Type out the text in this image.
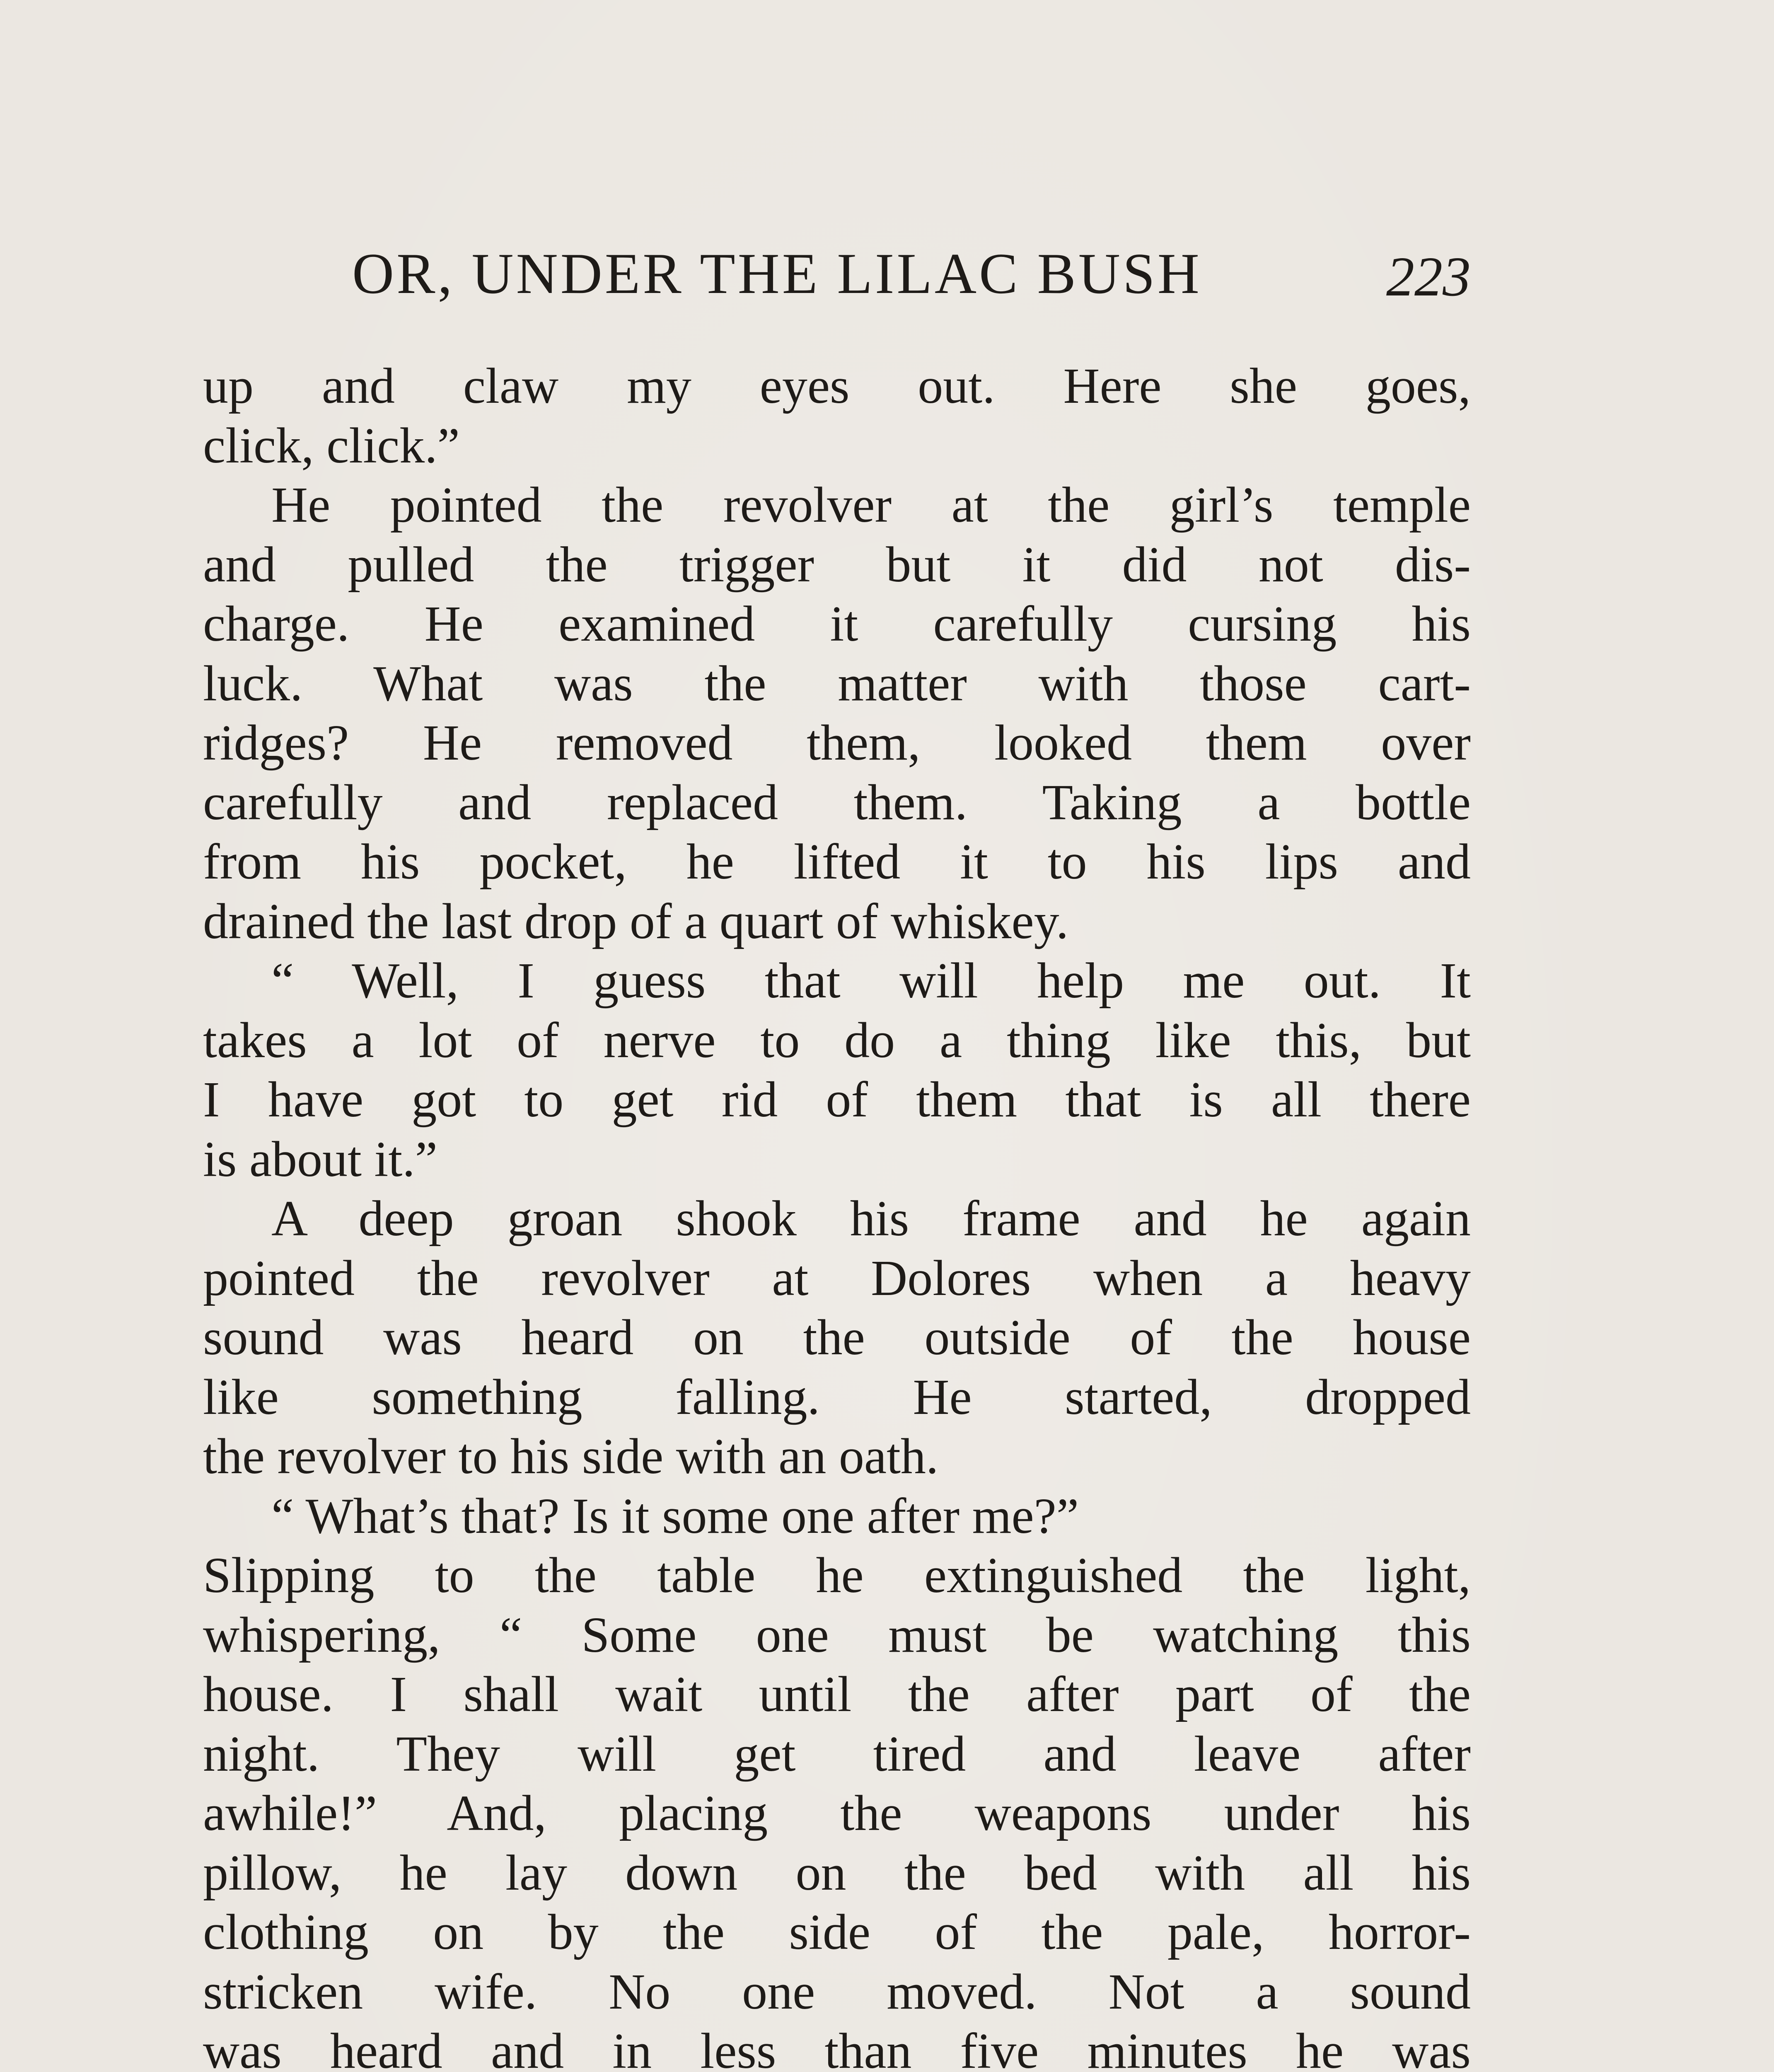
OR, UNDER THE LILAC BUSH	223
up and claw my eyes out. Here she goes,
click, click.”
He pointed the revolver at the girl’s temple
and pulled the trigger but it did not dis-
charge. He examined it carefully cursing his
luck. What was the matter with those cart-
ridges? He removed them, looked them over
carefully and replaced them. Taking a bottle
from his pocket, he lifted it to his lips and
drained the last drop of a quart of whiskey.
“ Well, I guess that will help me out. It
takes a lot of nerve to do a thing like this, but
I have got to get rid of them that is all there
is about it.”
A deep groan shook his frame and he again
pointed the revolver at Dolores when a heavy
sound was heard on the outside of the house
like something falling. He started, dropped
the revolver to his side with an oath.
“ What’s that? Is it some one after me?”
Slipping to the table he extinguished the light,
whispering, “ Some one must be watching this
house. I shall wait until the after part of the
night. They will get tired and leave after
awhile!” And, placing the weapons under his
pillow, he lay down on the bed with all his
clothing on by the side of the pale, horror-
stricken wife. No one moved. Not a sound
was heard and in less than five minutes he was
